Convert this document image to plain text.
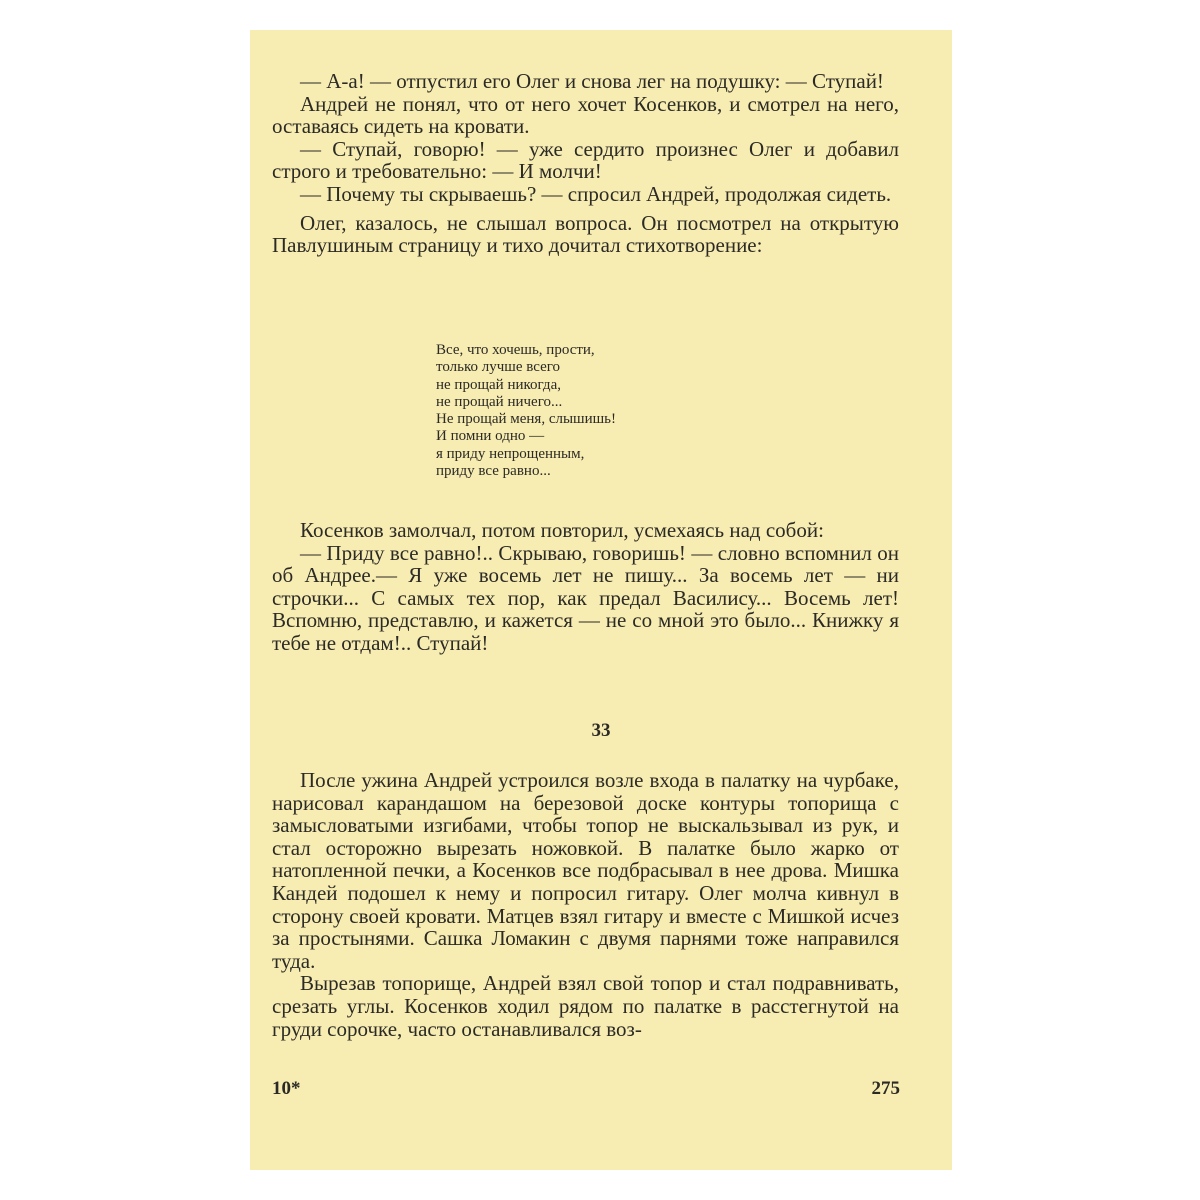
— А-а! — отпустил его Олег и снова лег на подушку: — Ступай!

Андрей не понял, что от него хочет Косенков, и смотрел на него, оставаясь сидеть на кровати.

— Ступай, говорю! — уже сердито произнес Олег и добавил строго и требовательно: — И молчи!

— Почему ты скрываешь? — спросил Андрей, продолжая сидеть.

Олег, казалось, не слышал вопроса. Он посмотрел на открытую Павлушиным страницу и тихо дочитал стихотворение:

Все, что хочешь, прости,
только лучше всего
не прощай никогда,
не прощай ничего...
Не прощай меня, слышишь!
И помни одно —
я приду непрощенным,
приду все равно...

Косенков замолчал, потом повторил, усмехаясь над собой:

— Приду все равно!.. Скрываю, говоришь! — словно вспомнил он об Андрее.— Я уже восемь лет не пишу... За восемь лет — ни строчки... С самых тех пор, как предал Василису... Восемь лет! Вспомню, представлю, и кажется — не со мной это было... Книжку я тебе не отдам!.. Ступай!

33

После ужина Андрей устроился возле входа в палатку на чурбаке, нарисовал карандашом на березовой доске контуры топорища с замысловатыми изгибами, чтобы топор не выскальзывал из рук, и стал осторожно вырезать ножовкой. В палатке было жарко от натопленной печки, а Косенков все подбрасывал в нее дрова. Мишка Кандей подошел к нему и попросил гитару. Олег молча кивнул в сторону своей кровати. Матцев взял гитару и вместе с Мишкой исчез за простынями. Сашка Ломакин с двумя парнями тоже направился туда.

Вырезав топорище, Андрей взял свой топор и стал подравнивать, срезать углы. Косенков ходил рядом по палатке в расстегнутой на груди сорочке, часто останавливался воз-

10*	275
